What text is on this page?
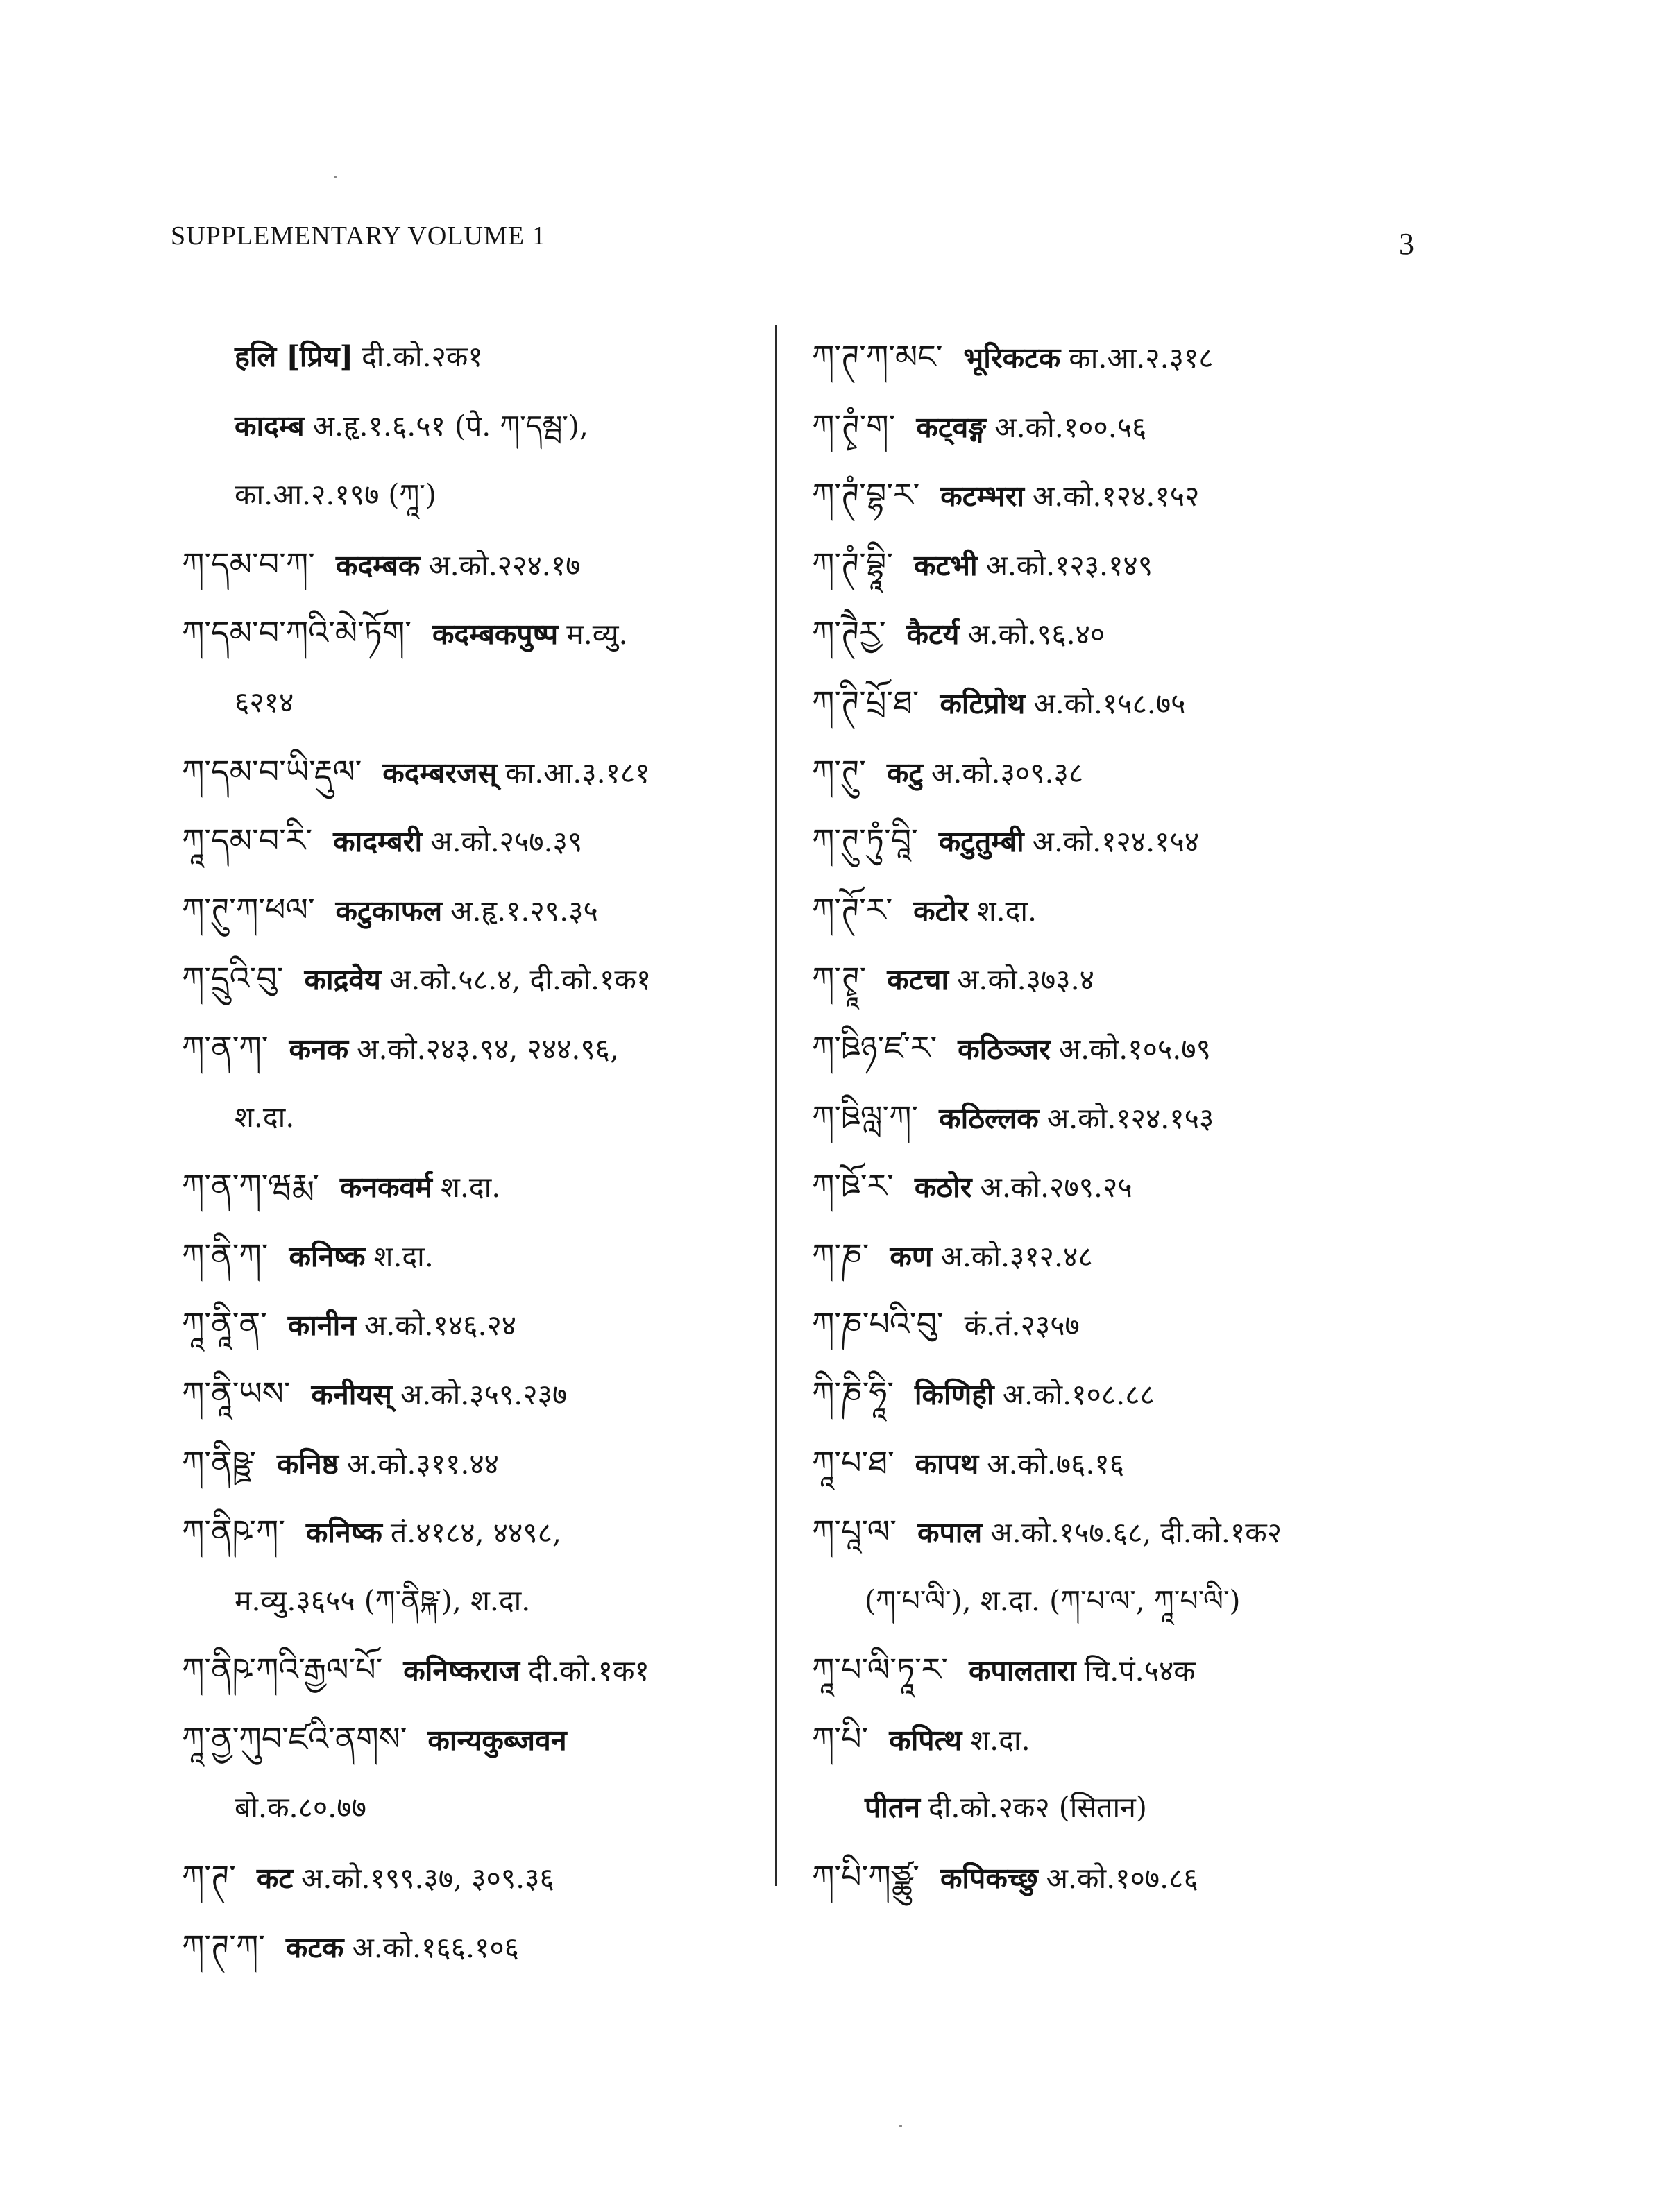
SUPPLEMENTARY VOLUME 1	3
हलि [प्रिय] दी.को.२क१
कादम्ब अ.हृ.१.६.५१ (पे. ཀ་དམྦ་),
का.आ.२.१९७ (ཀཱ་)
ཀ་དམ་བ་ཀ་ कदम्बक अ.को.२२४.१७
ཀ་དམ་བ་ཀའི་མེ་ཏོག་ कदम्बकपुष्प म.व्यु.
६२१४
ཀ་དམ་བ་ཡི་རྡུལ་ कदम्बरजस् का.आ.३.१८१
ཀཱ་དམ་བ་རི་ कादम्बरी अ.को.२५७.३९
ཀ་ཊུ་ཀ་ཕལ་ कटुकाफल अ.हृ.१.२९.३५
ཀ་དྲུའི་བུ་ काद्रवेय अ.को.५८.४, दी.को.१क१
ཀ་ན་ཀ་ कनक अ.को.२४३.९४, २४४.९६,
श.दा.
ཀ་ན་ཀ་ཝརྨ་ कनकवर्म श.दा.
ཀ་ནི་ཀ་ कनिष्क श.दा.
ཀཱ་ནཱི་ན་ कानीन अ.को.१४६.२४
ཀ་ནཱི་ཡས་ कनीयस् अ.को.३५९.२३७
ཀ་ནིཥྛ་ कनिष्ठ अ.को.३११.४४
ཀ་ནིཥ་ཀ་ कनिष्क तं.४१८४, ४४९८,
म.व्यु.३६५५ (ཀ་ནིཥྐ་), श.दा.
ཀ་ནིཥ་ཀའི་རྒྱལ་པོ་ कनिष्कराज दी.को.१क१
ཀཱ་ནྱ་ཀུབ་ཛའི་ནགས་ कान्यकुब्जवन
बो.क.८०.७७
ཀ་ཊ་ कट अ.को.१९९.३७, ३०९.३६
ཀ་ཊ་ཀ་ कटक अ.को.१६६.१०६
ཀ་ཊ་ཀ་མང་ भूरिकटक का.आ.२.३१८
ཀ་ཊྭཾ་ག་ कट्वङ्ग अ.को.१००.५६
ཀ་ཊཾ་བྷ་ར་ कटम्भरा अ.को.१२४.१५२
ཀ་ཊཾ་བྷཱི་ कटभी अ.को.१२३.१४९
ཀ་ཊཻརྱ་ कैटर्य अ.को.९६.४०
ཀ་ཊི་པྲོ་ཐ་ कटिप्रोथ अ.को.१५८.७५
ཀ་ཊུ་ कटु अ.को.३०९.३८
ཀ་ཊུ་ཏུཾ་བཱི་ कटुतुम्बी अ.को.१२४.१५४
ཀ་ཊོ་ར་ कटोर श.दा.
ཀ་ཊྭཱ་ कटचा अ.को.३७३.४
ཀ་ཋིཉ་ཛ་ར་ कठिञ्जर अ.को.१०५.७९
ཀ་ཋིལླ་ཀ་ कठिल्लक अ.को.१२४.१५३
ཀ་ཋོ་ར་ कठोर अ.को.२७९.२५
ཀ་ཎ་ कण अ.को.३१२.४८
ཀ་ཎ་པའི་བུ་ कं.तं.२३५७
ཀི་ཎི་ཧཱི་ किणिही अ.को.१०८.८८
ཀཱ་པ་ཐ་ कापथ अ.को.७६.१६
ཀ་པཱ་ལ་ कपाल अ.को.१५७.६८, दी.को.१क२
(ཀ་པ་ལི་), श.दा. (ཀ་པ་ལ་, ཀཱ་པ་ལི་)
ཀཱ་པ་ལི་ཏཱ་ར་ कपालतारा चि.पं.५४क
ཀ་པི་ कपित्थ श.दा.
पीतन दी.को.२क२ (सितान)
ཀ་པི་ཀཙྪུ་ कपिकच्छु अ.को.१०७.८६
